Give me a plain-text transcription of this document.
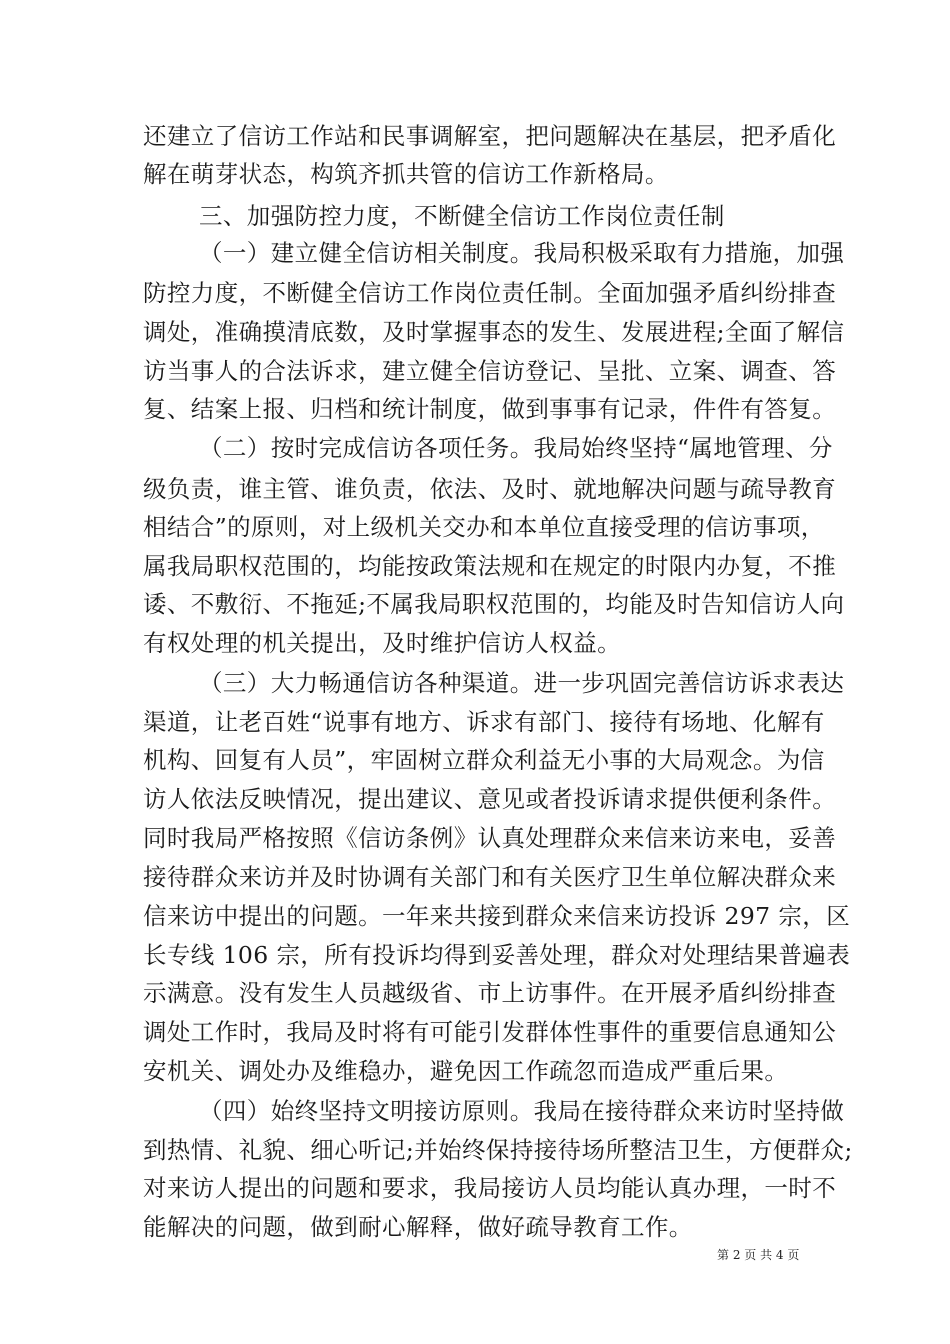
还建立了信访工作站和民事调解室，把问题解决在基层，把矛盾化
解在萌芽状态，构筑齐抓共管的信访工作新格局。
三、加强防控力度，不断健全信访工作岗位责任制
（一）建立健全信访相关制度。我局积极采取有力措施，加强
防控力度，不断健全信访工作岗位责任制。全面加强矛盾纠纷排查
调处，准确摸清底数，及时掌握事态的发生、发展进程;全面了解信
访当事人的合法诉求，建立健全信访登记、呈批、立案、调查、答
复、结案上报、归档和统计制度，做到事事有记录，件件有答复。
（二）按时完成信访各项任务。我局始终坚持“属地管理、分
级负责，谁主管、谁负责，依法、及时、就地解决问题与疏导教育
相结合”的原则，对上级机关交办和本单位直接受理的信访事项，
属我局职权范围的，均能按政策法规和在规定的时限内办复，不推
诿、不敷衍、不拖延;不属我局职权范围的，均能及时告知信访人向
有权处理的机关提出，及时维护信访人权益。
（三）大力畅通信访各种渠道。进一步巩固完善信访诉求表达
渠道，让老百姓“说事有地方、诉求有部门、接待有场地、化解有
机构、回复有人员”，牢固树立群众利益无小事的大局观念。为信
访人依法反映情况，提出建议、意见或者投诉请求提供便利条件。
同时我局严格按照《信访条例》认真处理群众来信来访来电，妥善
接待群众来访并及时协调有关部门和有关医疗卫生单位解决群众来
信来访中提出的问题。一年来共接到群众来信来访投诉 297 宗，区
长专线 106 宗，所有投诉均得到妥善处理，群众对处理结果普遍表
示满意。没有发生人员越级省、市上访事件。在开展矛盾纠纷排查
调处工作时，我局及时将有可能引发群体性事件的重要信息通知公
安机关、调处办及维稳办，避免因工作疏忽而造成严重后果。
（四）始终坚持文明接访原则。我局在接待群众来访时坚持做
到热情、礼貌、细心听记;并始终保持接待场所整洁卫生，方便群众;
对来访人提出的问题和要求，我局接访人员均能认真办理，一时不
能解决的问题，做到耐心解释，做好疏导教育工作。
第 2 页 共 4 页
